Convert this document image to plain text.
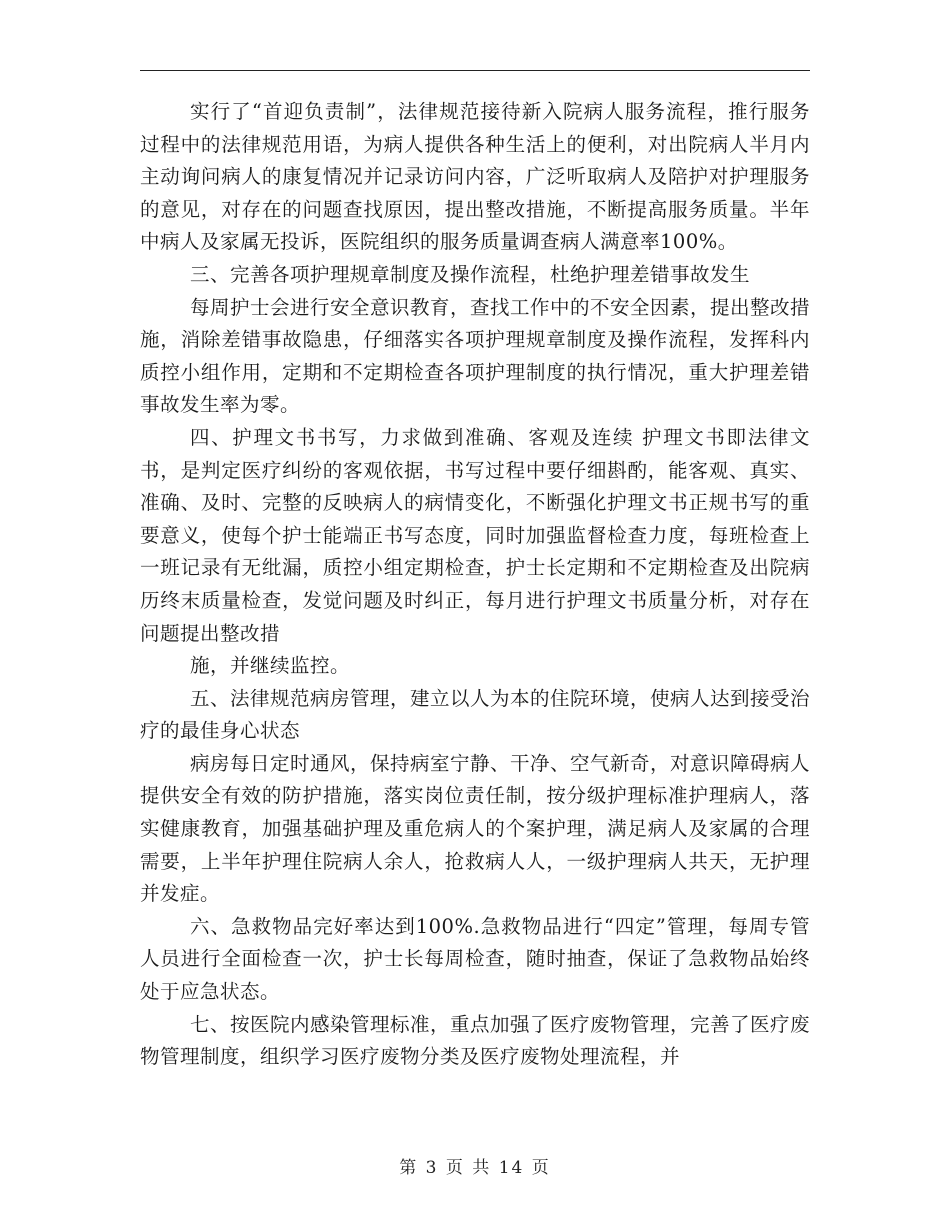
实行了“首迎负责制”，法律规范接待新入院病人服务流程，推行服务过程中的法律规范用语，为病人提供各种生活上的便利，对出院病人半月内主动询问病人的康复情况并记录访问内容，广泛听取病人及陪护对护理服务的意见，对存在的问题查找原因，提出整改措施，不断提高服务质量。半年中病人及家属无投诉，医院组织的服务质量调查病人满意率100%。

三、完善各项护理规章制度及操作流程，杜绝护理差错事故发生

每周护士会进行安全意识教育，查找工作中的不安全因素，提出整改措施，消除差错事故隐患，仔细落实各项护理规章制度及操作流程，发挥科内质控小组作用，定期和不定期检查各项护理制度的执行情况，重大护理差错事故发生率为零。

四、护理文书书写，力求做到准确、客观及连续 护理文书即法律文书，是判定医疗纠纷的客观依据，书写过程中要仔细斟酌，能客观、真实、准确、及时、完整的反映病人的病情变化，不断强化护理文书正规书写的重要意义，使每个护士能端正书写态度，同时加强监督检查力度，每班检查上一班记录有无纰漏，质控小组定期检查，护士长定期和不定期检查及出院病历终末质量检查，发觉问题及时纠正，每月进行护理文书质量分析，对存在问题提出整改措

施，并继续监控。

五、法律规范病房管理，建立以人为本的住院环境，使病人达到接受治疗的最佳身心状态

病房每日定时通风，保持病室宁静、干净、空气新奇，对意识障碍病人提供安全有效的防护措施，落实岗位责任制，按分级护理标准护理病人，落实健康教育，加强基础护理及重危病人的个案护理，满足病人及家属的合理需要，上半年护理住院病人余人，抢救病人人，一级护理病人共天，无护理并发症。

六、急救物品完好率达到100%.急救物品进行“四定”管理，每周专管人员进行全面检查一次，护士长每周检查，随时抽查，保证了急救物品始终处于应急状态。

七、按医院内感染管理标准，重点加强了医疗废物管理，完善了医疗废物管理制度，组织学习医疗废物分类及医疗废物处理流程，并

第 3 页 共 14 页
